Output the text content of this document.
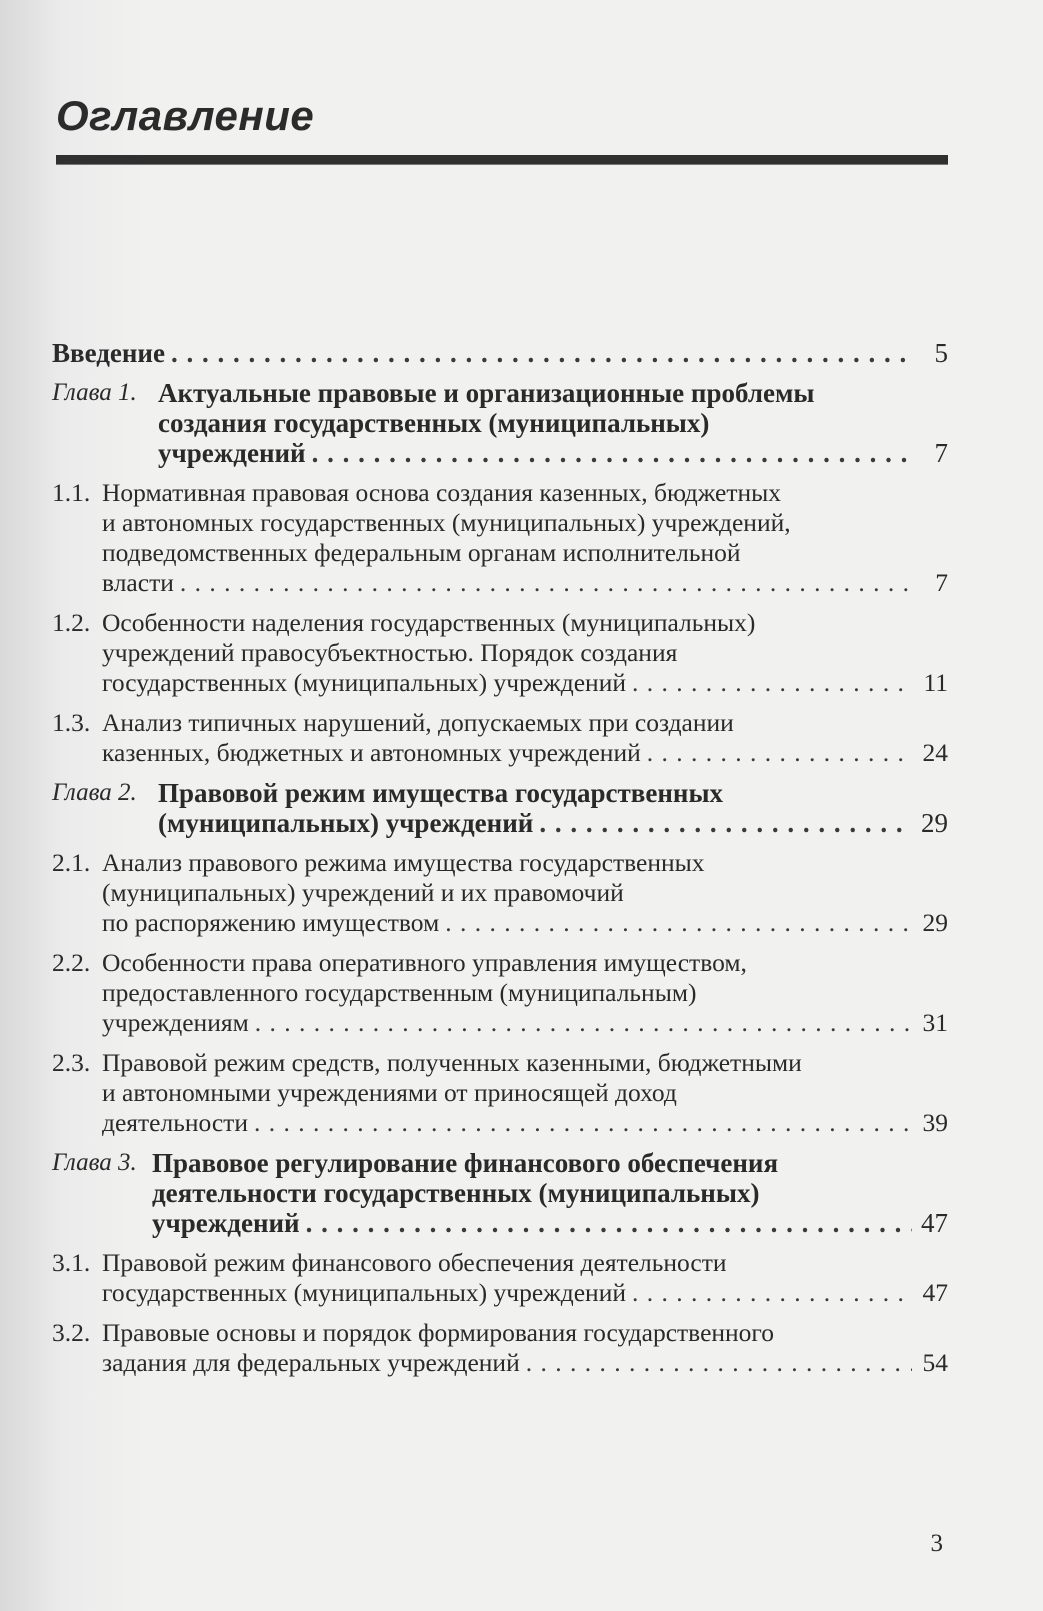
Оглавление
Введение . . .	5
Глава 1. Актуальные правовые и организационные проблемы
создания государственных (муниципальных)
учреждений . . .	7
1.1. Нормативная правовая основа создания казенных, бюджетных
и автономных государственных (муниципальных) учреждений,
подведомственных федеральным органам исполнительной
власти . . .	7
1.2. Особенности наделения государственных (муниципальных)
учреждений правосубъектностью. Порядок создания
государственных (муниципальных) учреждений . . .	11
1.3. Анализ типичных нарушений, допускаемых при создании
казенных, бюджетных и автономных учреждений . . .	24
Глава 2. Правовой режим имущества государственных
(муниципальных) учреждений . . .	29
2.1. Анализ правового режима имущества государственных
(муниципальных) учреждений и их правомочий
по распоряжению имуществом . . .	29
2.2. Особенности права оперативного управления имуществом,
предоставленного государственным (муниципальным)
учреждениям . . .	31
2.3. Правовой режим средств, полученных казенными, бюджетными
и автономными учреждениями от приносящей доход
деятельности . . .	39
Глава 3. Правовое регулирование финансового обеспечения
деятельности государственных (муниципальных)
учреждений . . .	47
3.1. Правовой режим финансового обеспечения деятельности
государственных (муниципальных) учреждений . . .	47
3.2. Правовые основы и порядок формирования государственного
задания для федеральных учреждений . . .	54
3
